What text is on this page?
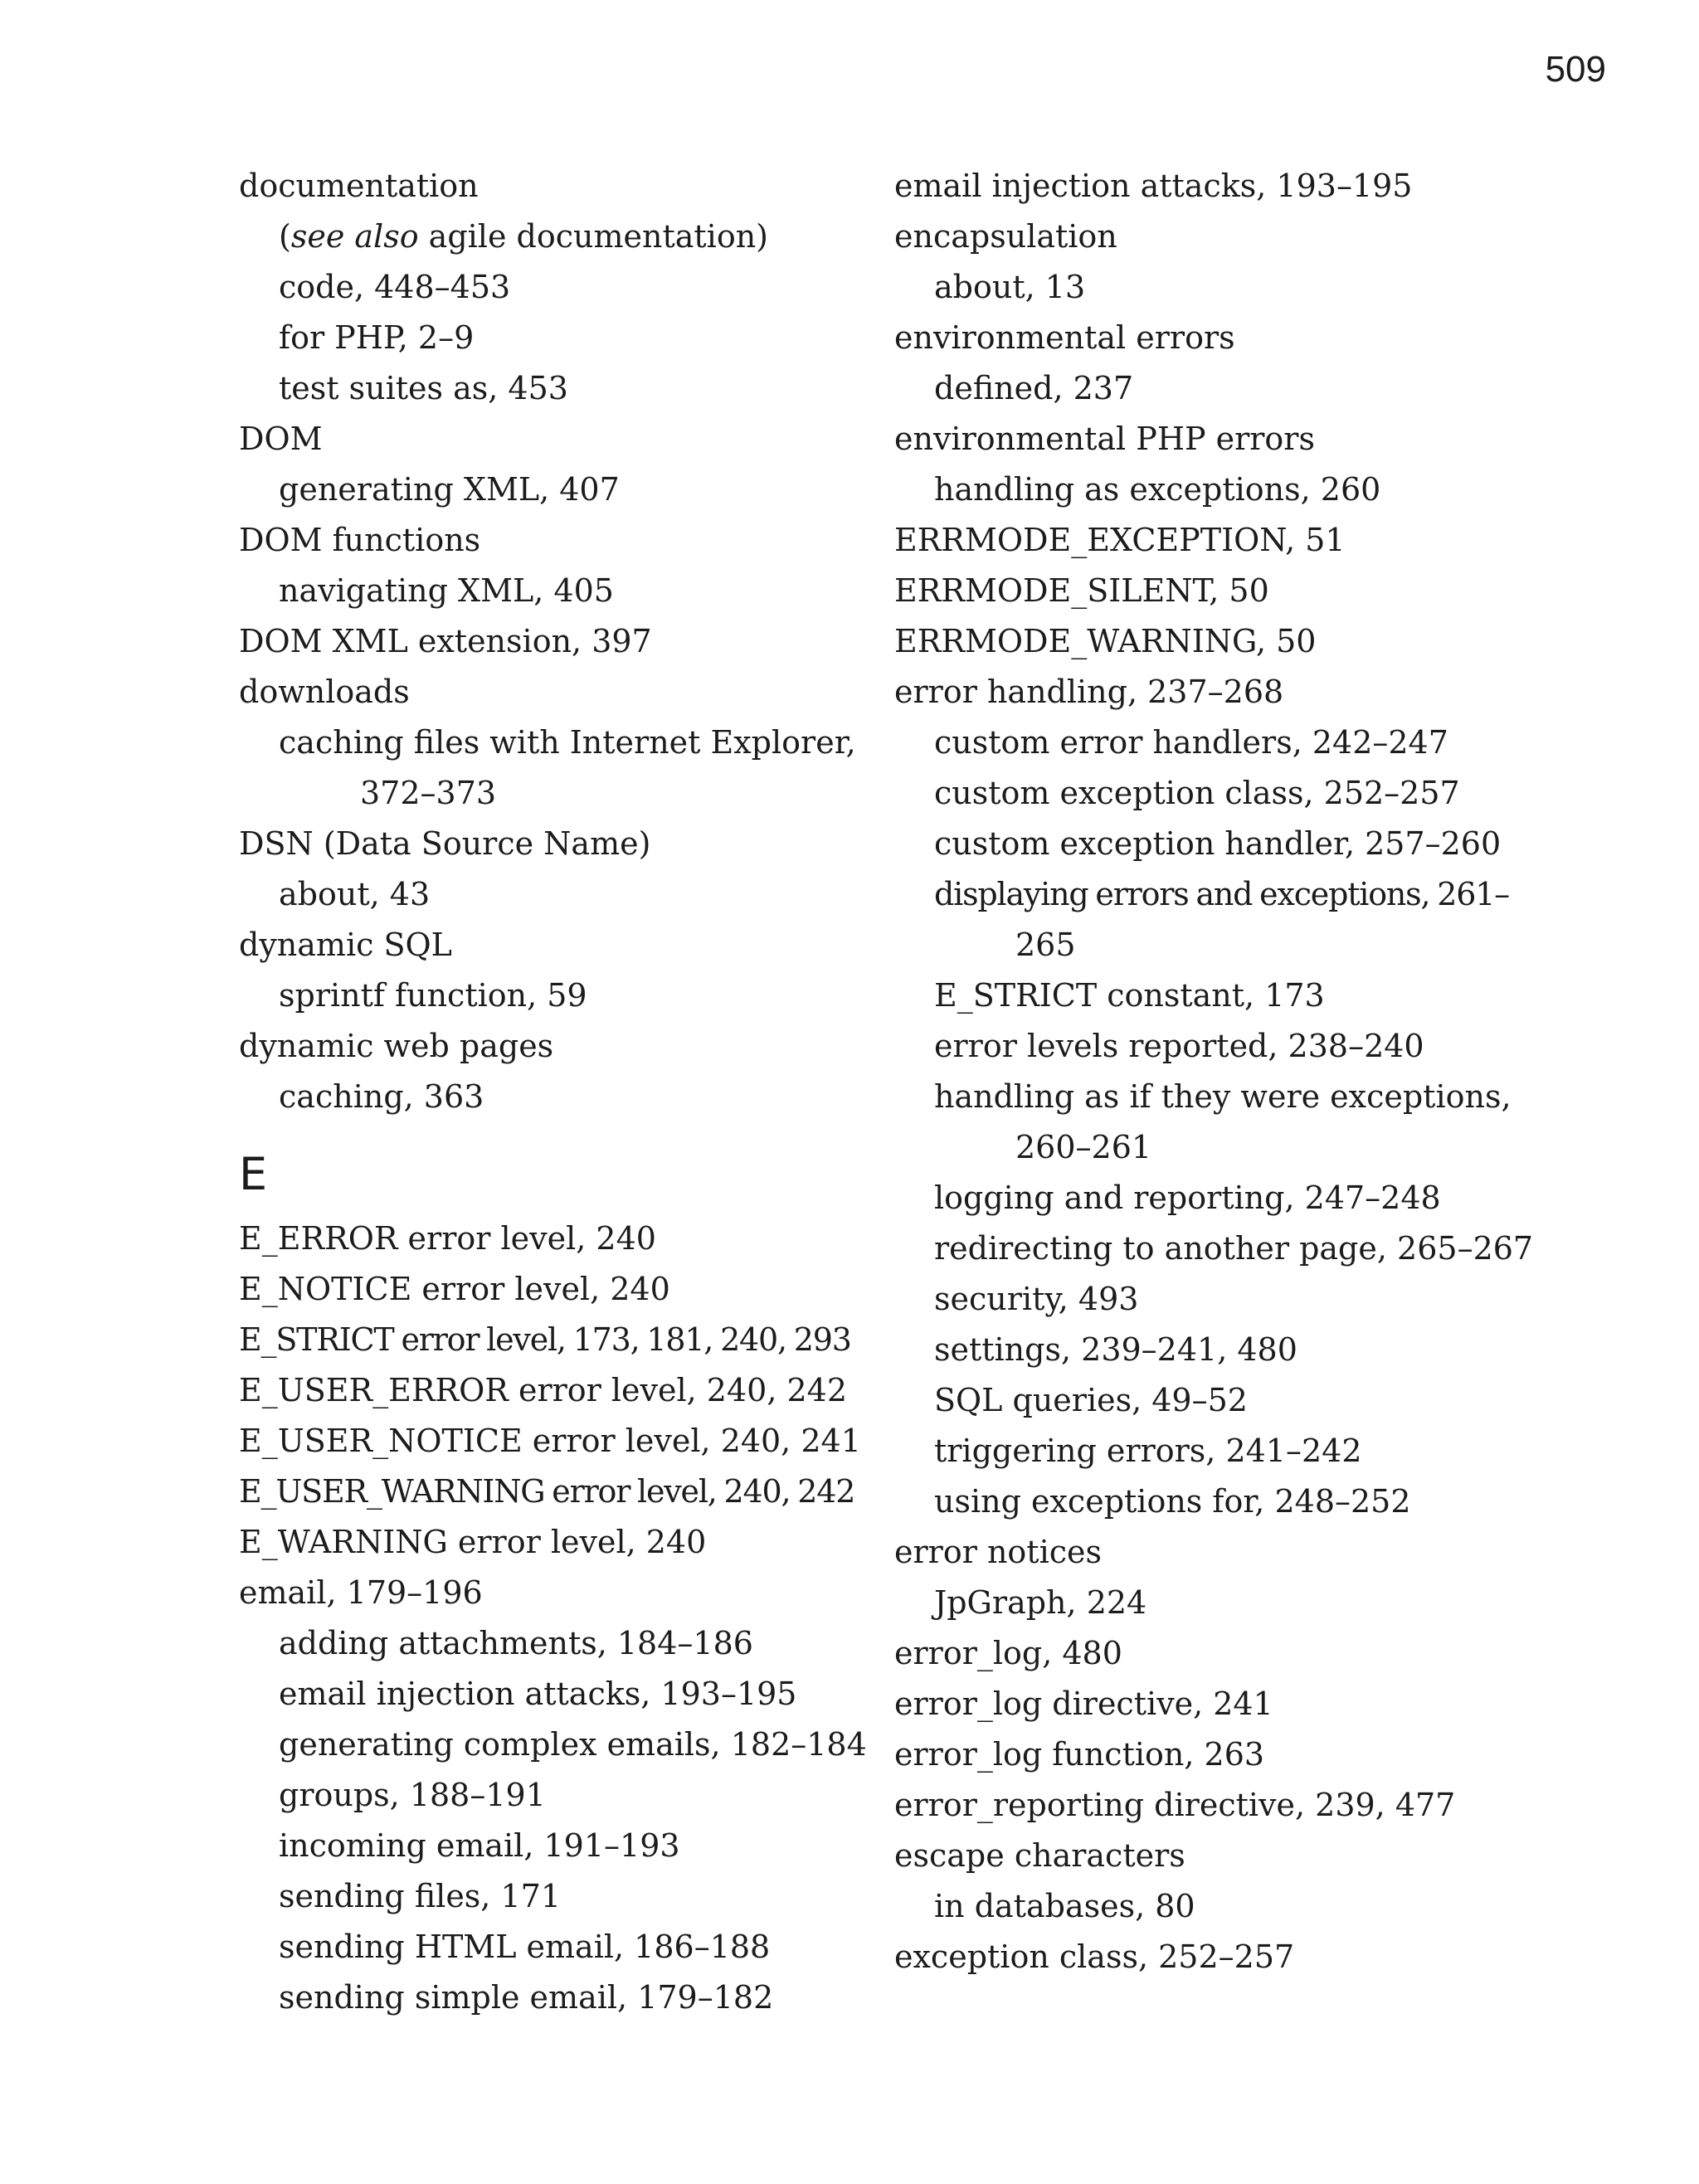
509
documentation
(see also agile documentation)
code, 448–453
for PHP, 2–9
test suites as, 453
DOM
generating XML, 407
DOM functions
navigating XML, 405
DOM XML extension, 397
downloads
caching files with Internet Explorer,
372–373
DSN (Data Source Name)
about, 43
dynamic SQL
sprintf function, 59
dynamic web pages
caching, 363
E
E_ERROR error level, 240
E_NOTICE error level, 240
E_STRICT error level, 173, 181, 240, 293
E_USER_ERROR error level, 240, 242
E_USER_NOTICE error level, 240, 241
E_USER_WARNING error level, 240, 242
E_WARNING error level, 240
email, 179–196
adding attachments, 184–186
email injection attacks, 193–195
generating complex emails, 182–184
groups, 188–191
incoming email, 191–193
sending files, 171
sending HTML email, 186–188
sending simple email, 179–182
email injection attacks, 193–195
encapsulation
about, 13
environmental errors
defined, 237
environmental PHP errors
handling as exceptions, 260
ERRMODE_EXCEPTION, 51
ERRMODE_SILENT, 50
ERRMODE_WARNING, 50
error handling, 237–268
custom error handlers, 242–247
custom exception class, 252–257
custom exception handler, 257–260
displaying errors and exceptions, 261–
265
E_STRICT constant, 173
error levels reported, 238–240
handling as if they were exceptions,
260–261
logging and reporting, 247–248
redirecting to another page, 265–267
security, 493
settings, 239–241, 480
SQL queries, 49–52
triggering errors, 241–242
using exceptions for, 248–252
error notices
JpGraph, 224
error_log, 480
error_log directive, 241
error_log function, 263
error_reporting directive, 239, 477
escape characters
in databases, 80
exception class, 252–257
